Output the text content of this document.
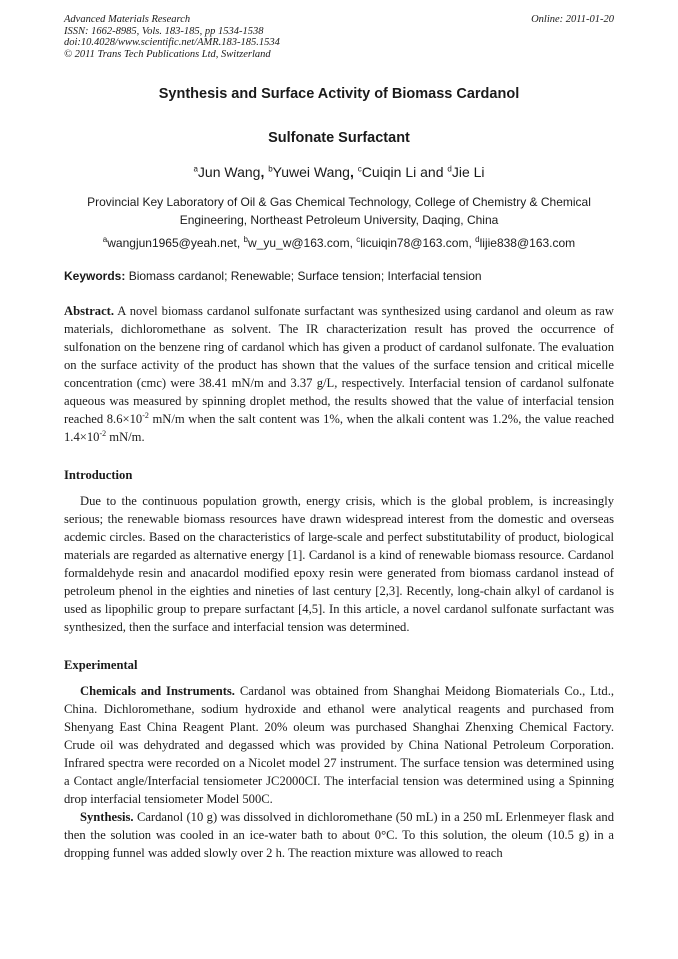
Advanced Materials Research
ISSN: 1662-8985, Vols. 183-185, pp 1534-1538
doi:10.4028/www.scientific.net/AMR.183-185.1534
© 2011 Trans Tech Publications Ltd, Switzerland
Online: 2011-01-20
Synthesis and Surface Activity of Biomass Cardanol
Sulfonate Surfactant
$^a$Jun Wang, $^b$Yuwei Wang, $^c$Cuiqin Li and $^d$Jie Li
Provincial Key Laboratory of Oil & Gas Chemical Technology, College of Chemistry & Chemical
Engineering, Northeast Petroleum University, Daqing, China
$^a$wangjun1965@yeah.net, $^b$w_yu_w@163.com, $^c$licuiqin78@163.com, $^d$lijie838@163.com
Keywords: Biomass cardanol; Renewable; Surface tension; Interfacial tension
Abstract. A novel biomass cardanol sulfonate surfactant was synthesized using cardanol and oleum as raw materials, dichloromethane as solvent. The IR characterization result has proved the occurrence of sulfonation on the benzene ring of cardanol which has given a product of cardanol sulfonate. The evaluation on the surface activity of the product has shown that the values of the surface tension and critical micelle concentration (cmc) were 38.41 mN/m and 3.37 g/L, respectively. Interfacial tension of cardanol sulfonate aqueous was measured by spinning droplet method, the results showed that the value of interfacial tension reached $8.6\times 10^{-2}$ mN/m when the salt content was 1%, when the alkali content was 1.2%, the value reached $1.4\times 10^{-2}$ mN/m.
Introduction
Due to the continuous population growth, energy crisis, which is the global problem, is increasingly serious; the renewable biomass resources have drawn widespread interest from the domestic and overseas acdemic circles. Based on the characteristics of large-scale and perfect substitutability of product, biological materials are regarded as alternative energy [1]. Cardanol is a kind of renewable biomass resource. Cardanol formaldehyde resin and anacardol modified epoxy resin were generated from biomass cardanol instead of petroleum phenol in the eighties and nineties of last century [2,3]. Recently, long-chain alkyl of cardanol is used as lipophilic group to prepare surfactant [4,5]. In this article, a novel cardanol sulfonate surfactant was synthesized, then the surface and interfacial tension was determined.
Experimental
Chemicals and Instruments. Cardanol was obtained from Shanghai Meidong Biomaterials Co., Ltd., China. Dichloromethane, sodium hydroxide and ethanol were analytical reagents and purchased from Shenyang East China Reagent Plant. 20% oleum was purchased Shanghai Zhenxing Chemical Factory. Crude oil was dehydrated and degassed which was provided by China National Petroleum Corporation. Infrared spectra were recorded on a Nicolet model 27 instrument. The surface tension was determined using a Contact angle/Interfacial tensiometer JC2000CI. The interfacial tension was determined using a Spinning drop interfacial tensiometer Model 500C.
Synthesis. Cardanol (10 g) was dissolved in dichloromethane (50 mL) in a 250 mL Erlenmeyer flask and then the solution was cooled in an ice-water bath to about 0°C. To this solution, the oleum (10.5 g) in a dropping funnel was added slowly over 2 h. The reaction mixture was allowed to reach
